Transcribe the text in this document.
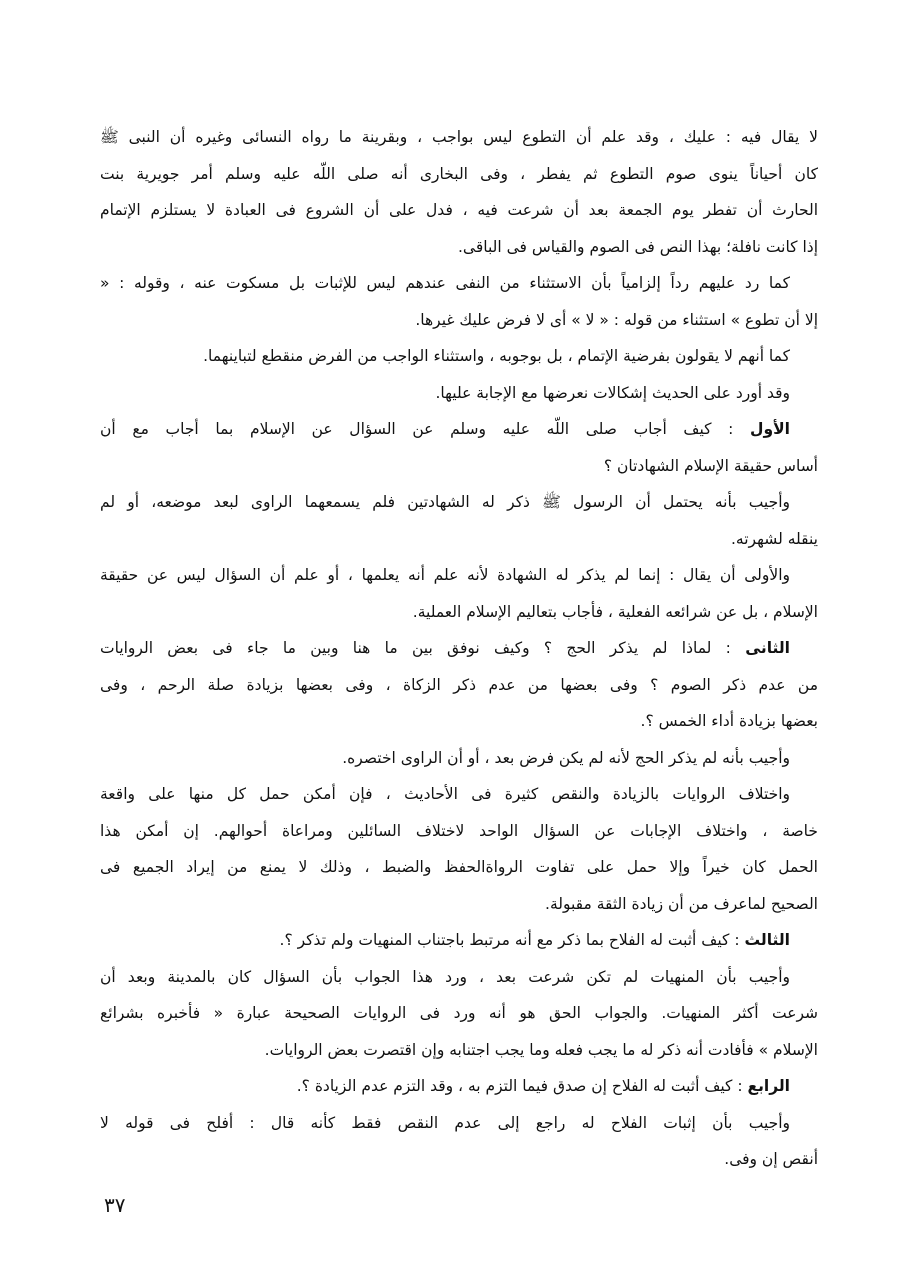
لا يقال فيه : عليك ، وقد علم أن التطوع ليس بواجب ، وبقرينة ما رواه النسائى وغيره أن النبى ﷺ
كان أحياناً ينوى صوم التطوع ثم يفطر ، وفى البخارى أنه صلى اللّه عليه وسلم أمر جويرية بنت
الحارث أن تفطر يوم الجمعة بعد أن شرعت فيه ، فدل على أن الشروع فى العبادة لا يستلزم الإتمام
إذا كانت نافلة؛ بهذا النص فى الصوم والقياس فى الباقى.
كما رد عليهم رداً إلزامياً بأن الاستثناء من النفى عندهم ليس للإثبات بل مسكوت عنه ، وقوله : «
إلا أن تطوع » استثناء من قوله : « لا » أى لا فرض عليك غيرها.
كما أنهم لا يقولون بفرضية الإتمام ، بل بوجوبه ، واستثناء الواجب من الفرض منقطع لتباينهما.
وقد أورد على الحديث إشكالات نعرضها مع الإجابة عليها.
الأول : كيف أجاب صلى اللّه عليه وسلم عن السؤال عن الإسلام بما أجاب مع أن
أساس حقيقة الإسلام الشهادتان ؟
وأجيب بأنه يحتمل أن الرسول ﷺ ذكر له الشهادتين فلم يسمعهما الراوى لبعد موضعه، أو لم
ينقله لشهرته.
والأولى أن يقال : إنما لم يذكر له الشهادة لأنه علم أنه يعلمها ، أو علم أن السؤال ليس عن حقيقة
الإسلام ، بل عن شرائعه الفعلية ، فأجاب بتعاليم الإسلام العملية.
الثانى : لماذا لم يذكر الحج ؟ وكيف نوفق بين ما هنا وبين ما جاء فى بعض الروايات
من عدم ذكر الصوم ؟ وفى بعضها من عدم ذكر الزكاة ، وفى بعضها بزيادة صلة الرحم ، وفى
بعضها بزيادة أداء الخمس ؟.
وأجيب بأنه لم يذكر الحج لأنه لم يكن فرض بعد ، أو أن الراوى اختصره.
واختلاف الروايات بالزيادة والنقص كثيرة فى الأحاديث ، فإن أمكن حمل كل منها على واقعة
خاصة ، واختلاف الإجابات عن السؤال الواحد لاختلاف السائلين ومراعاة أحوالهم. إن أمكن هذا
الحمل كان خيراً وإلا حمل على تفاوت الرواةالحفظ والضبط ، وذلك لا يمنع من إيراد الجميع فى
الصحيح لماعرف من أن زيادة الثقة مقبولة.
الثالث : كيف أثبت له الفلاح بما ذكر مع أنه مرتبط باجتناب المنهيات ولم تذكر ؟.
وأجيب بأن المنهيات لم تكن شرعت بعد ، ورد هذا الجواب بأن السؤال كان بالمدينة وبعد أن
شرعت أكثر المنهيات. والجواب الحق هو أنه ورد فى الروايات الصحيحة عبارة « فأخبره بشرائع
الإسلام » فأفادت أنه ذكر له ما يجب فعله وما يجب اجتنابه وإن اقتصرت بعض الروايات.
الرابع : كيف أثبت له الفلاح إن صدق فيما التزم به ، وقد التزم عدم الزيادة ؟.
وأجيب بأن إثبات الفلاح له راجع إلى عدم النقص فقط كأنه قال : أفلح فى قوله لا
أنقص إن وفى.
٣٧
